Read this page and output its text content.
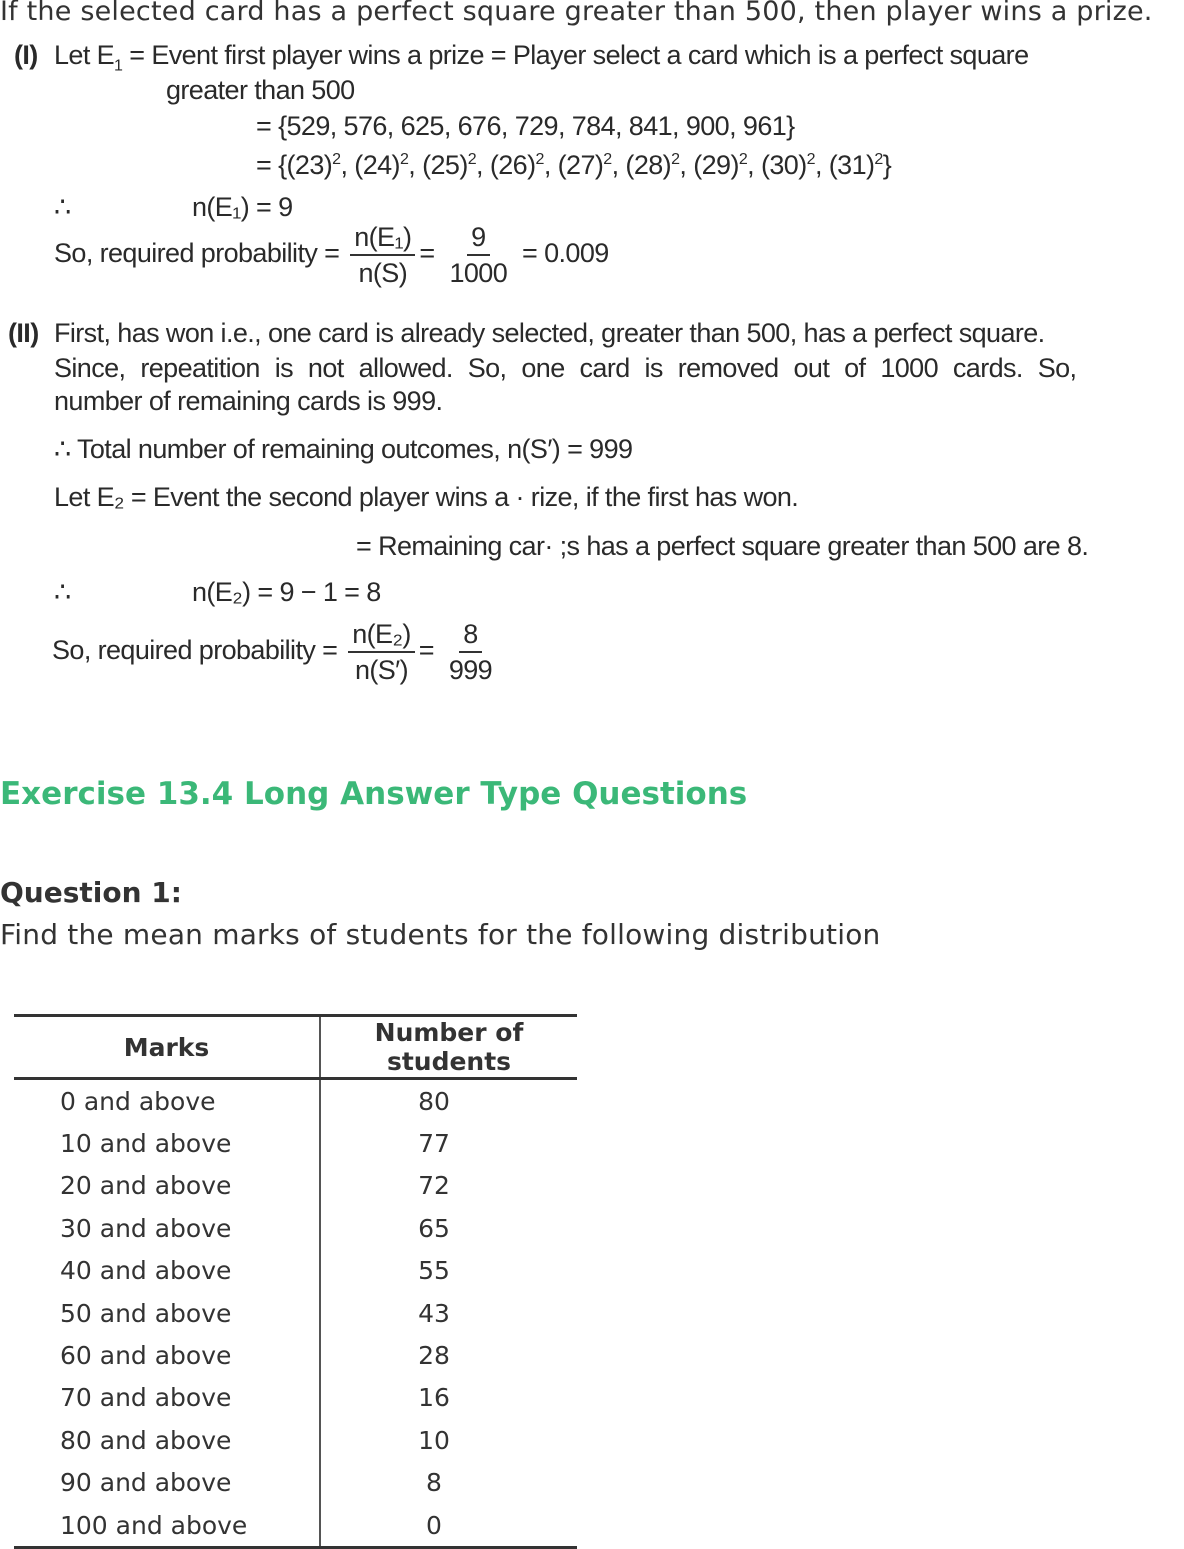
If the selected card has a perfect square greater than 500, then player wins a prize.
(I) Let $E_1$ = Event first player wins a prize = Player select a card which is a perfect square
greater than 500
= {529, 576, 625, 676, 729, 784, 841, 900, 961}
= {$(23)^2$, $(24)^2$, $(25)^2$, $(26)^2$, $(27)^2$, $(28)^2$, $(29)^2$, $(30)^2$, $(31)^2$}
∴	n(E₁) = 9
So, required probability = $\frac{\text{n(E₁)}}{n(S)} = \frac{9}{1000} = 0.009$
(II) First, has won i.e., one card is already selected, greater than 500, has a perfect square.
Since, repeatition is not allowed. So, one card is removed out of 1000 cards. So,
number of remaining cards is 999.
∴ Total number of remaining outcomes, n(S′) = 999
Let E₂ = Event the second player wins a · rize, if the first has won.
= Remaining car· ;s has a perfect square greater than 500 are 8.
∴	n(E₂) = 9 − 1 = 8
So, required probability = $\frac{\text{n(E₂)}}{n(S')} = \frac{8}{999}$
Exercise 13.4 Long Answer Type Questions
Question 1:
Find the mean marks of students for the following distribution
Marks	Number of students
0 and above	80
10 and above	77
20 and above	72
30 and above	65
40 and above	55
50 and above	43
60 and above	28
70 and above	16
80 and above	10
90 and above	8
100 and above	0
